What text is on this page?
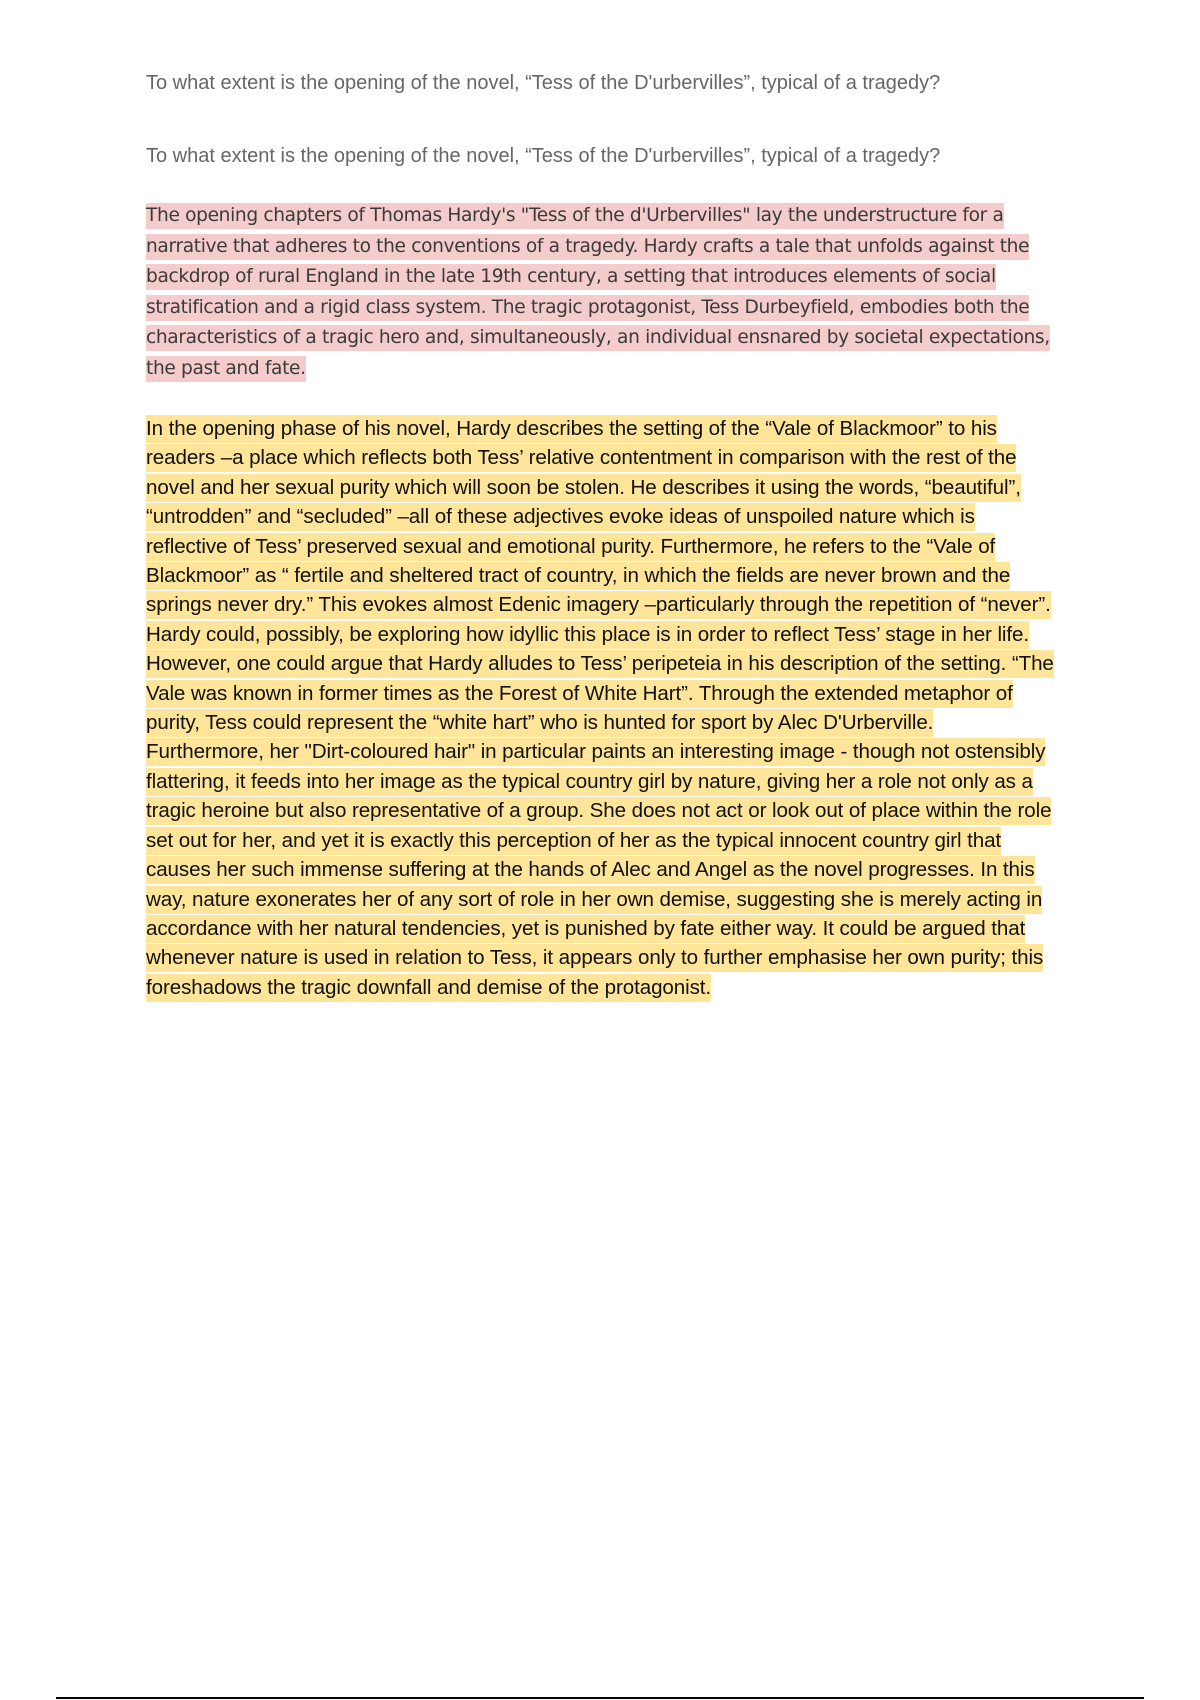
To what extent is the opening of the novel, “Tess of the D'urbervilles”, typical of a tragedy?

To what extent is the opening of the novel, “Tess of the D'urbervilles”, typical of a tragedy?

The opening chapters of Thomas Hardy's "Tess of the d'Urbervilles" lay the understructure for a narrative that adheres to the conventions of a tragedy. Hardy crafts a tale that unfolds against the backdrop of rural England in the late 19th century, a setting that introduces elements of social stratification and a rigid class system. The tragic protagonist, Tess Durbeyfield, embodies both the characteristics of a tragic hero and, simultaneously, an individual ensnared by societal expectations, the past and fate.

In the opening phase of his novel, Hardy describes the setting of the “Vale of Blackmoor” to his readers –a place which reflects both Tess’ relative contentment in comparison with the rest of the novel and her sexual purity which will soon be stolen. He describes it using the words, “beautiful”, “untrodden” and “secluded” –all of these adjectives evoke ideas of unspoiled nature which is reflective of Tess’ preserved sexual and emotional purity. Furthermore, he refers to the “Vale of Blackmoor” as “ fertile and sheltered tract of country, in which the fields are never brown and the springs never dry.” This evokes almost Edenic imagery –particularly through the repetition of “never”. Hardy could, possibly, be exploring how idyllic this place is in order to reflect Tess’ stage in her life. However, one could argue that Hardy alludes to Tess’ peripeteia in his description of the setting. “The Vale was known in former times as the Forest of White Hart”. Through the extended metaphor of purity, Tess could represent the “white hart” who is hunted for sport by Alec D'Urberville. Furthermore, her "Dirt-coloured hair" in particular paints an interesting image - though not ostensibly flattering, it feeds into her image as the typical country girl by nature, giving her a role not only as a tragic heroine but also representative of a group. She does not act or look out of place within the role set out for her, and yet it is exactly this perception of her as the typical innocent country girl that causes her such immense suffering at the hands of Alec and Angel as the novel progresses. In this way, nature exonerates her of any sort of role in her own demise, suggesting she is merely acting in accordance with her natural tendencies, yet is punished by fate either way. It could be argued that whenever nature is used in relation to Tess, it appears only to further emphasise her own purity; this foreshadows the tragic downfall and demise of the protagonist.
